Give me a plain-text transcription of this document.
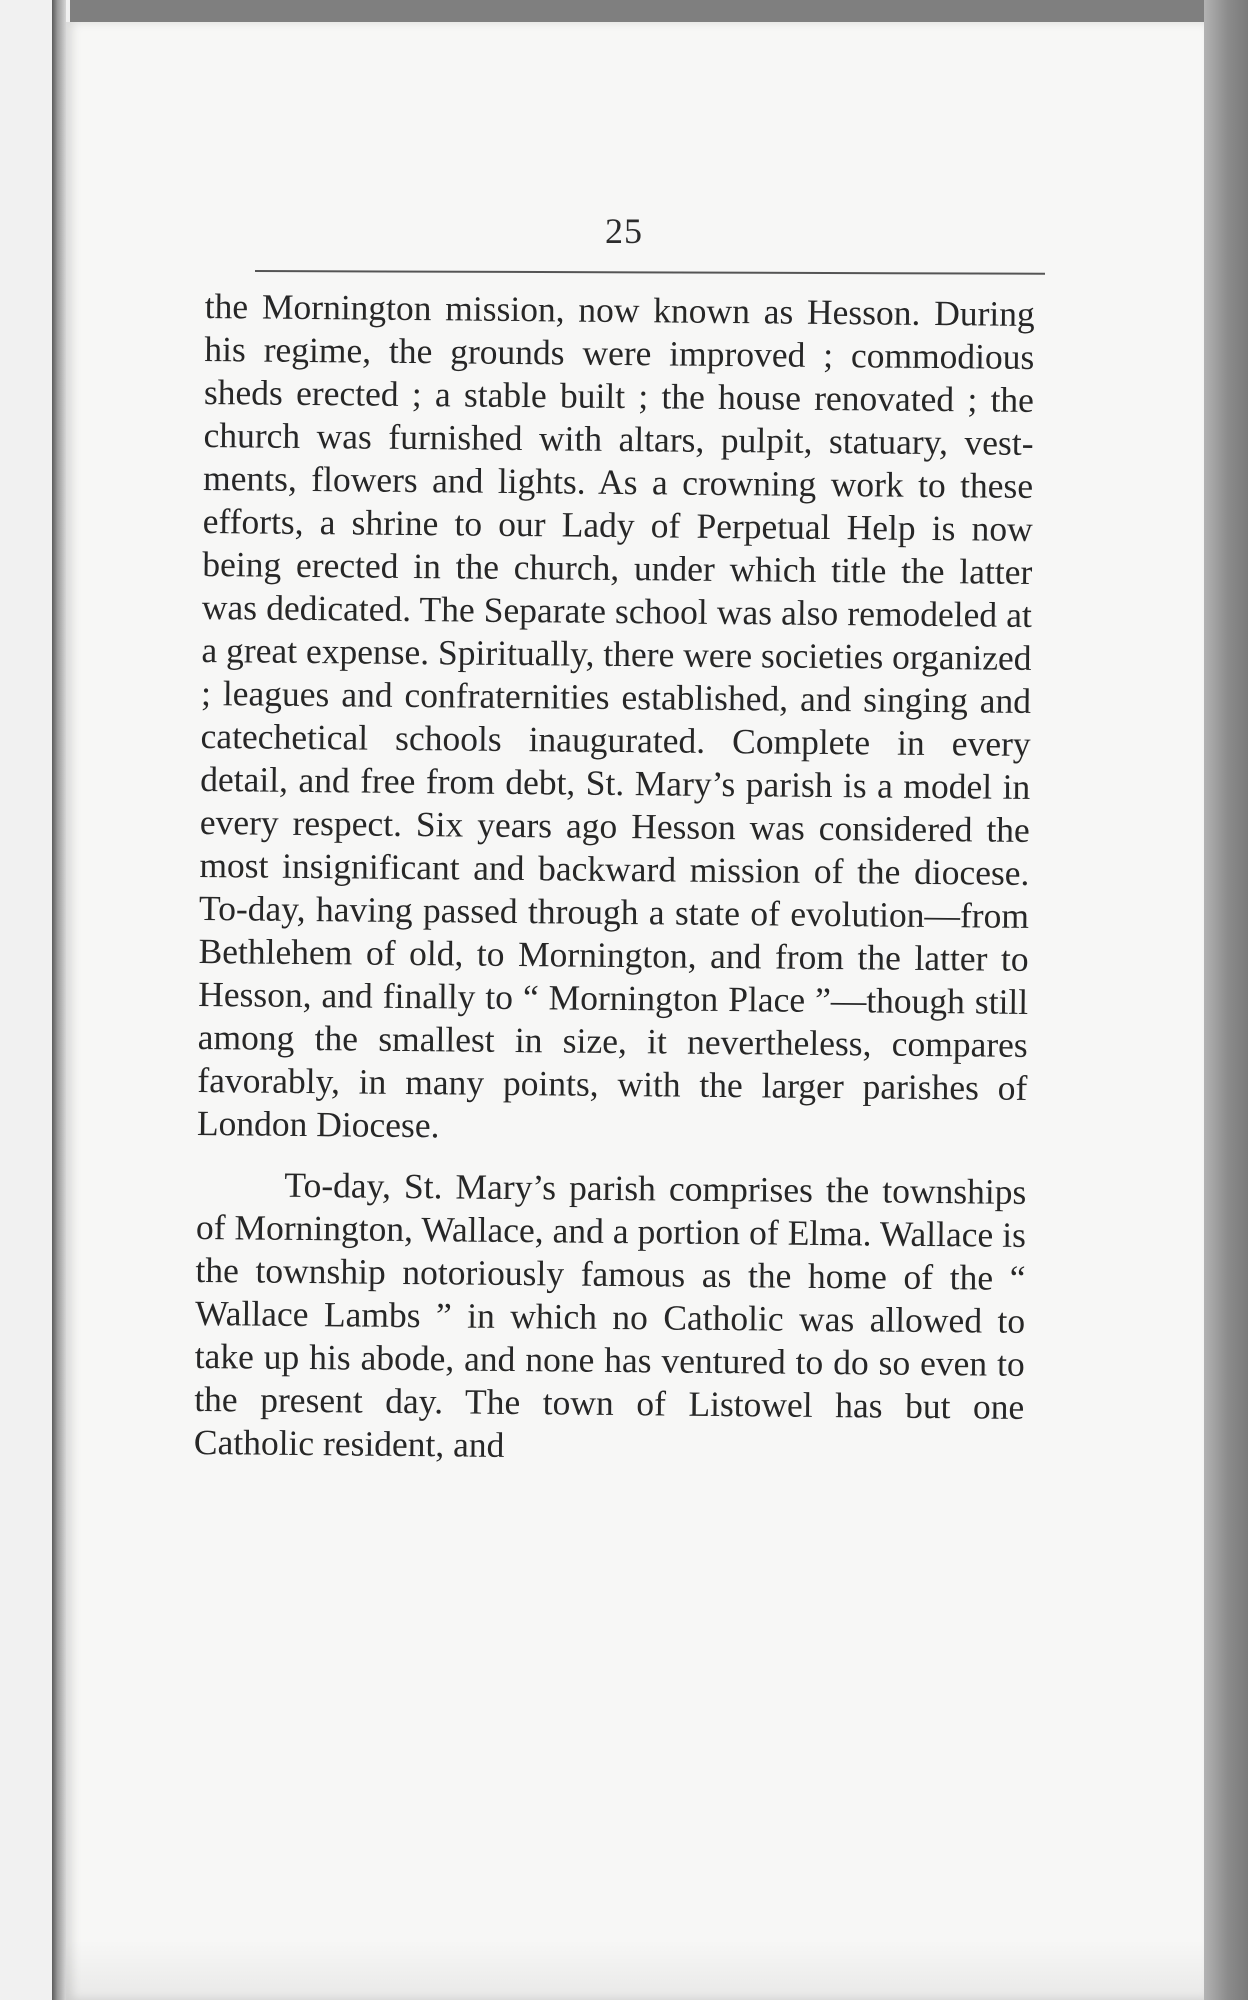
25

the Mornington mission, now known as Hesson. During his regime, the grounds were improved ; commodious sheds erected ; a stable built ; the house renovated ; the church was furnished with altars, pulpit, statuary, vestments, flowers and lights. As a crowning work to these efforts, a shrine to our Lady of Perpetual Help is now being erected in the church, under which title the latter was dedicated. The Separate school was also remodeled at a great expense. Spiritually, there were societies organized ; leagues and confraternities established, and singing and catechetical schools inaugurated. Complete in every detail, and free from debt, St. Mary’s parish is a model in every respect. Six years ago Hesson was considered the most insignificant and backward mission of the diocese. To-day, having passed through a state of evolution—from Bethlehem of old, to Mornington, and from the latter to Hesson, and finally to “ Mornington Place ”—though still among the smallest in size, it nevertheless, compares favorably, in many points, with the larger parishes of London Diocese.

To-day, St. Mary’s parish comprises the townships of Mornington, Wallace, and a portion of Elma. Wallace is the township notoriously famous as the home of the “ Wallace Lambs ” in which no Catholic was allowed to take up his abode, and none has ventured to do so even to the present day. The town of Listowel has but one Catholic resident, and
